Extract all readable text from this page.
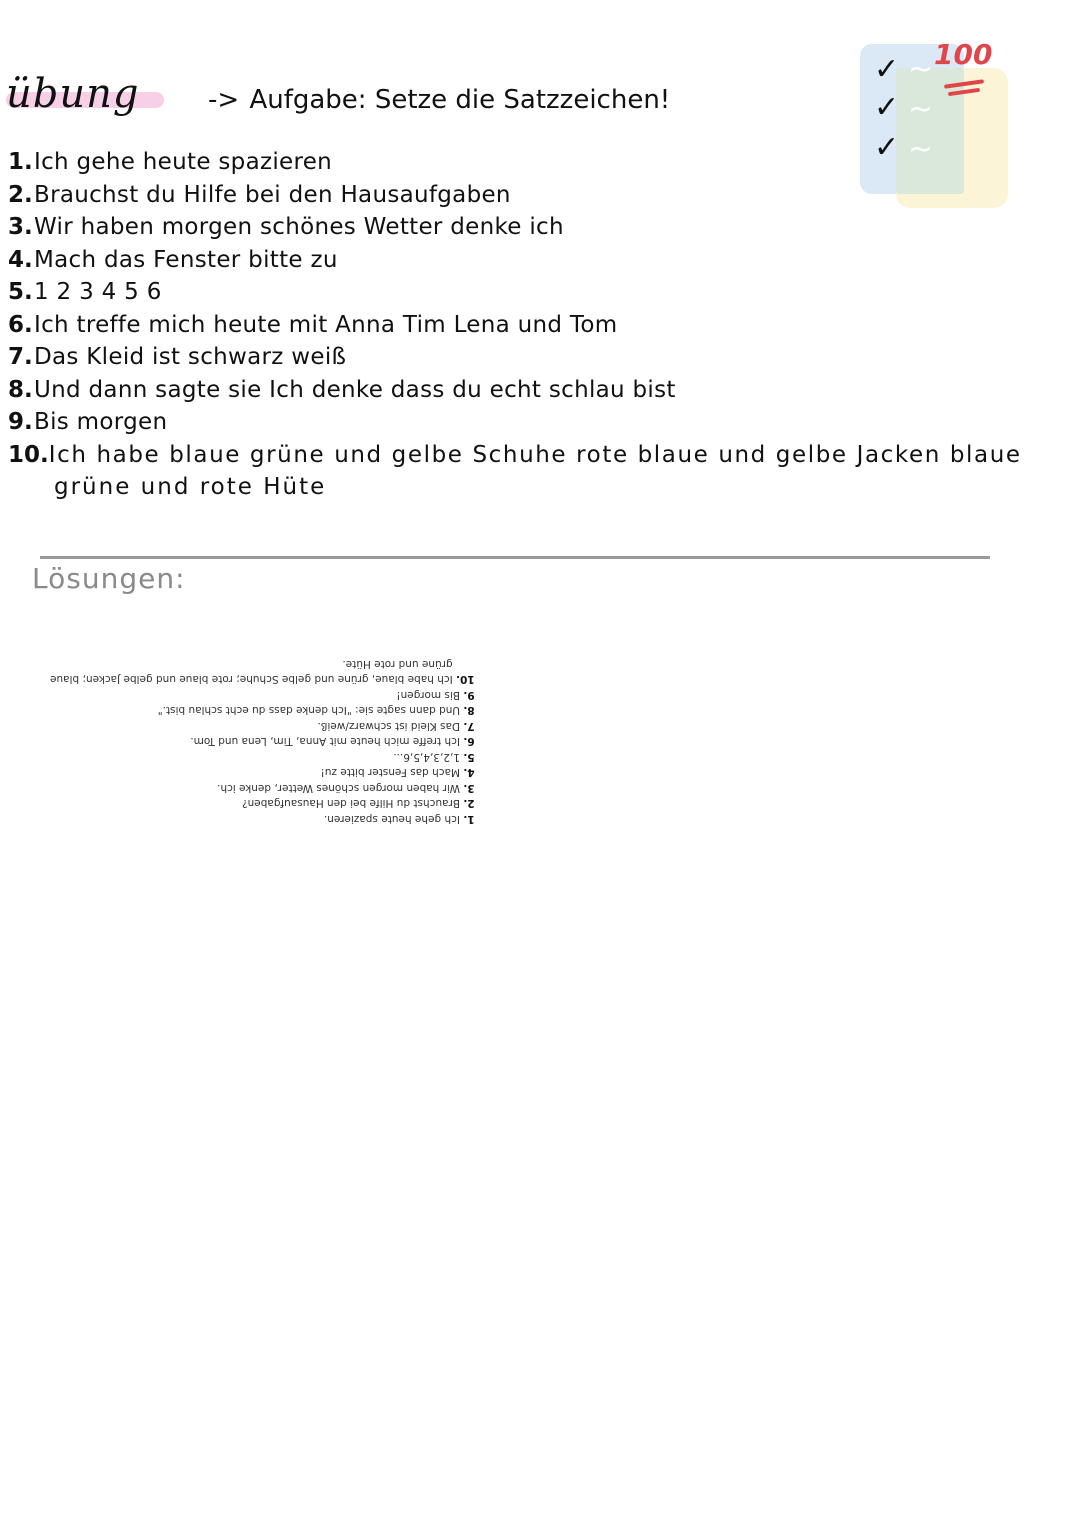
übung	-> Aufgabe: Setze die Satzzeichen!
1. Ich gehe heute spazieren
2. Brauchst du Hilfe bei den Hausaufgaben
3. Wir haben morgen schönes Wetter denke ich
4. Mach das Fenster bitte zu
5. 1 2 3 4 5 6
6. Ich treffe mich heute mit Anna Tim Lena und Tom
7. Das Kleid ist schwarz weiß
8. Und dann sagte sie Ich denke dass du echt schlau bist
9. Bis morgen
10. Ich habe blaue grüne und gelbe Schuhe rote blaue und gelbe Jacken blaue
grüne und rote Hüte
Lösungen:
1. Ich gehe heute spazieren.
2. Brauchst du Hilfe bei den Hausaufgaben?
3. Wir haben morgen schönes Wetter, denke ich.
4. Mach das Fenster bitte zu!
5. 1,2,3,4,5,6...
6. Ich treffe mich heute mit Anna, Tim, Lena und Tom.
7. Das Kleid ist schwarz/weiß.
8. Und dann sagte sie: "Ich denke dass du echt schlau bist."
9. Bis morgen!
10. Ich habe blaue, grüne und gelbe Schuhe; rote blaue und gelbe Jacken; blaue
grüne und rote Hüte.
✓
✓
✓
~
~
~
100
